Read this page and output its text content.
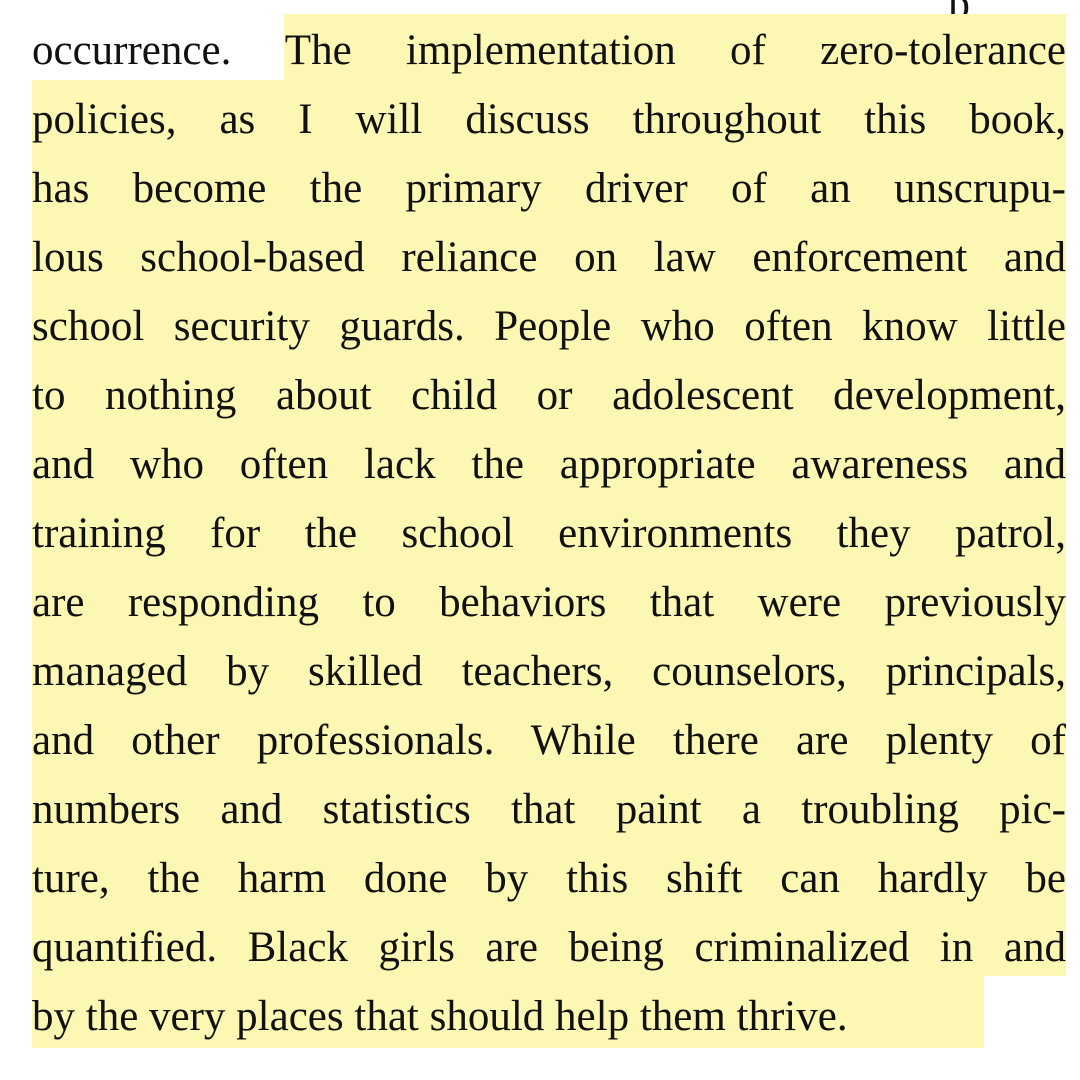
occurrence. The implementation of zero-tolerance
policies, as I will discuss throughout this book,
has become the primary driver of an unscrupu-
lous school-based reliance on law enforcement and
school security guards. People who often know little
to nothing about child or adolescent development,
and who often lack the appropriate awareness and
training for the school environments they patrol,
are responding to behaviors that were previously
managed by skilled teachers, counselors, principals,
and other professionals. While there are plenty of
numbers and statistics that paint a troubling pic-
ture, the harm done by this shift can hardly be
quantified. Black girls are being criminalized in and
by the very places that should help them thrive.
